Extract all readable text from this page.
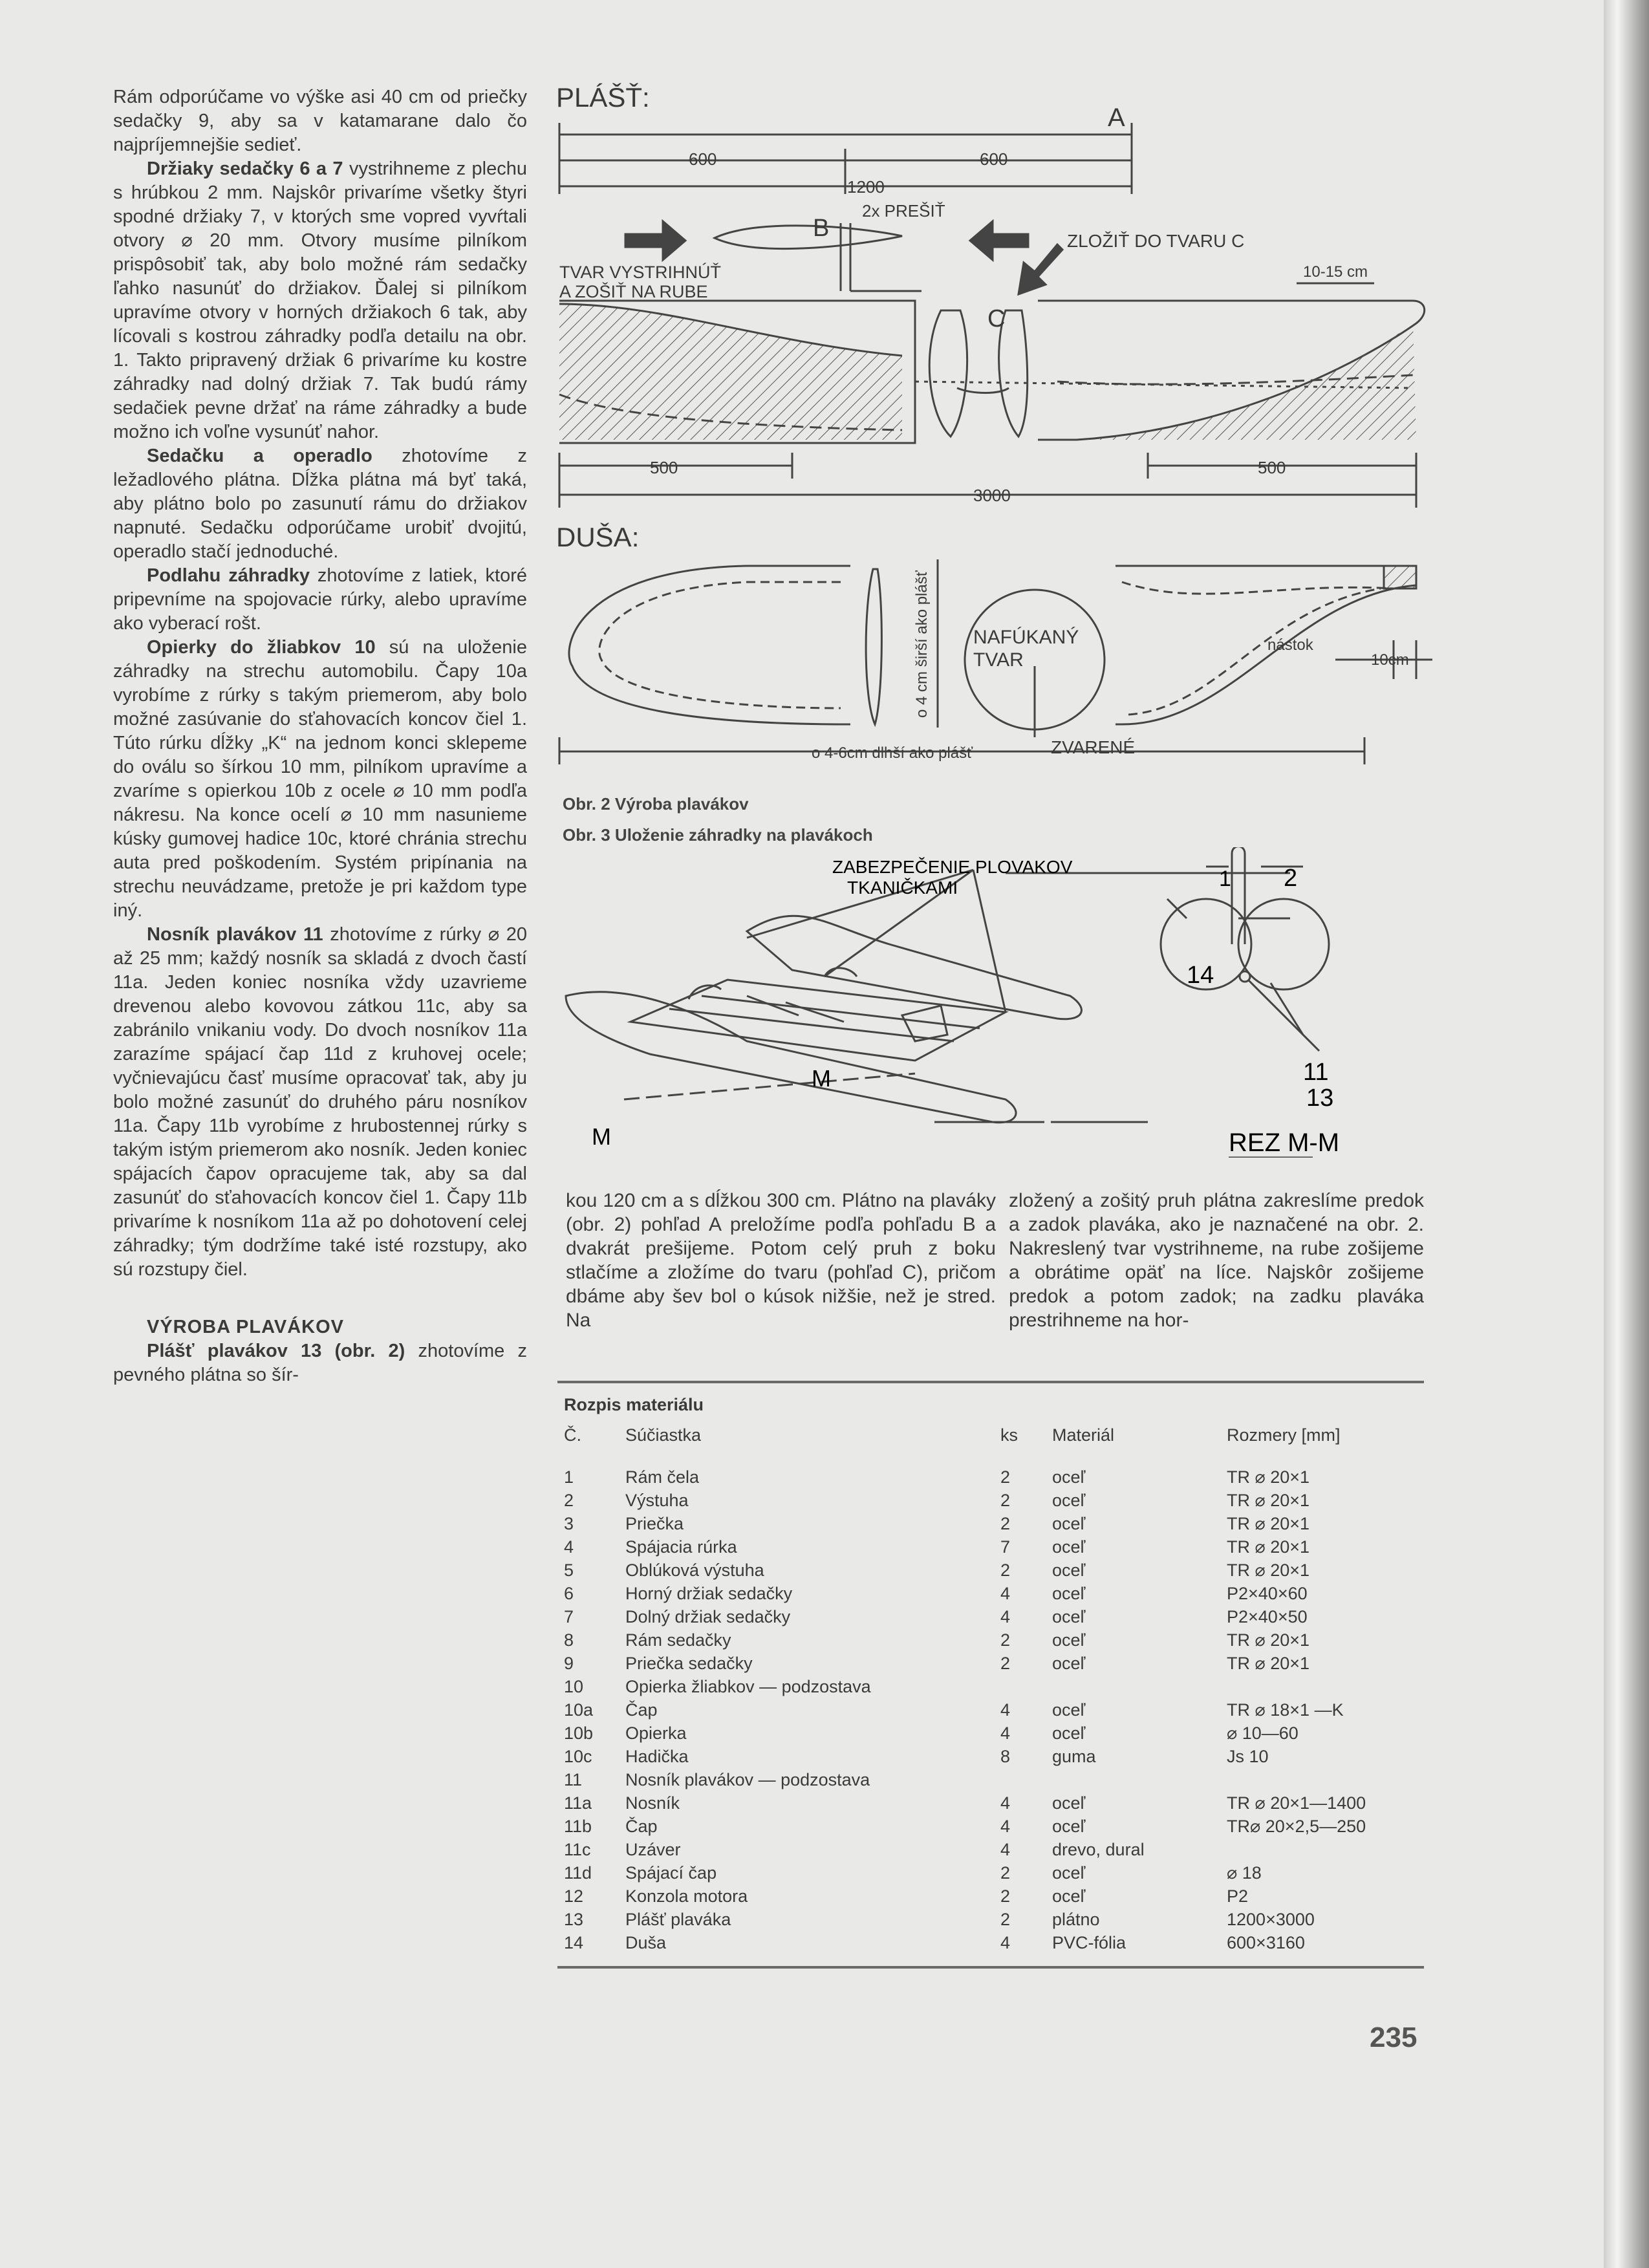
Rám odporúčame vo výške asi 40 cm od priečky sedačky 9, aby sa v katamarane dalo čo najpríjemnejšie sedieť.

Držiaky sedačky 6 a 7 vystrihneme z plechu s hrúbkou 2 mm. Najskôr privaríme všetky štyri spodné držiaky 7, v ktorých sme vopred vyvŕtali otvory ⌀ 20 mm. Otvory musíme pilníkom prispôsobiť tak, aby bolo možné rám sedačky ľahko nasunúť do držiakov. Ďalej si pilníkom upravíme otvory v horných držiakoch 6 tak, aby lícovali s kostrou záhradky podľa detailu na obr. 1. Takto pripravený držiak 6 privaríme ku kostre záhradky nad dolný držiak 7. Tak budú rámy sedačiek pevne držať na ráme záhradky a bude možno ich voľne vysunúť nahor.

Sedačku a operadlo zhotovíme z ležadlového plátna. Dĺžka plátna má byť taká, aby plátno bolo po zasunutí rámu do držiakov napnuté. Sedačku odporúčame urobiť dvojitú, operadlo stačí jednoduché.

Podlahu záhradky zhotovíme z latiek, ktoré pripevníme na spojovacie rúrky, alebo upravíme ako vyberací rošt.

Opierky do žliabkov 10 sú na uloženie záhradky na strechu automobilu. Čapy 10a vyrobíme z rúrky s takým priemerom, aby bolo možné zasúvanie do sťahovacích koncov čiel 1. Túto rúrku dĺžky „K“ na jednom konci sklepeme do oválu so šírkou 10 mm, pilníkom upravíme a zvaríme s opierkou 10b z ocele ⌀ 10 mm podľa nákresu. Na konce ocelí ⌀ 10 mm nasunieme kúsky gumovej hadice 10c, ktoré chránia strechu auta pred poškodením. Systém pripínania na strechu neuvádzame, pretože je pri každom type iný.

Nosník plavákov 11 zhotovíme z rúrky ⌀ 20 až 25 mm; každý nosník sa skladá z dvoch častí 11a. Jeden koniec nosníka vždy uzavrieme drevenou alebo kovovou zátkou 11c, aby sa zabránilo vnikaniu vody. Do dvoch nosníkov 11a zarazíme spájací čap 11d z kruhovej ocele; vyčnievajúcu časť musíme opracovať tak, aby ju bolo možné zasunúť do druhého páru nosníkov 11a. Čapy 11b vyrobíme z hrubostennej rúrky s takým istým priemerom ako nosník. Jeden koniec spájacích čapov opracujeme tak, aby sa dal zasunúť do sťahovacích koncov čiel 1. Čapy 11b privaríme k nosníkom 11a až po dohotovení celej záhradky; tým dodržíme také isté rozstupy, ako sú rozstupy čiel.

VÝROBA PLAVÁKOV

Plášť plavákov 13 (obr. 2) zhotovíme z pevného plátna so šír-

PLÁŠŤ:
A
600	600
1200
B
2x PREŠIŤ
ZLOŽIŤ DO TVARU C
10-15 cm
TVAR VYSTRIHNÚŤ
A ZOŠIŤ NA RUBE
C
500	500
3000
DUŠA:
o 4 cm širší ako plášť NAFÚKANÝ
TVAR
nástok
10cm
ZVARENÉ
o 4-6cm dlhší ako plášť
Obr. 2 Výroba plavákov
Obr. 3 Uloženie záhradky na plavákoch
ZABEZPEČENIE PLOVAKOV
TKANIČKAMI
M
M
1 2
14
11
13
REZ M-M
kou 120 cm a s dĺžkou 300 cm. Plátno na plaváky (obr. 2) pohľad A preložíme podľa pohľadu B a dvakrát prešijeme. Potom celý pruh z boku stlačíme a zložíme do tvaru (pohľad C), pričom dbáme aby šev bol o kúsok nižšie, než je stred. Na
zložený a zošitý pruh plátna zakreslíme predok a zadok plaváka, ako je naznačené na obr. 2. Nakreslený tvar vystrihneme, na rube zošijeme a obrátime opäť na líce. Najskôr zošijeme predok a potom zadok; na zadku plaváka prestrihneme na hor-
Rozpis materiálu
Č.	Súčiastka	ks	Materiál	Rozmery [mm]
1	Rám čela	2	oceľ	TR ⌀ 20×1
2	Výstuha	2	oceľ	TR ⌀ 20×1
3	Priečka	2	oceľ	TR ⌀ 20×1
4	Spájacia rúrka	7	oceľ	TR ⌀ 20×1
5	Oblúková výstuha	2	oceľ	TR ⌀ 20×1
6	Horný držiak sedačky	4	oceľ	P2×40×60
7	Dolný držiak sedačky	4	oceľ	P2×40×50
8	Rám sedačky	2	oceľ	TR ⌀ 20×1
9	Priečka sedačky	2	oceľ	TR ⌀ 20×1
10	Opierka žliabkov — podzostava			
10a	Čap	4	oceľ	TR ⌀ 18×1 —K
10b	Opierka	4	oceľ	⌀ 10—60
10c	Hadička	8	guma	Js 10
11	Nosník plavákov — podzostava			
11a	Nosník	4	oceľ	TR ⌀ 20×1—1400
11b	Čap	4	oceľ	TR⌀ 20×2,5—250
11c	Uzáver	4	drevo, dural	
11d	Spájací čap	2	oceľ	⌀ 18
12	Konzola motora	2	oceľ	P2
13	Plášť plaváka	2	plátno	1200×3000
14	Duša	4	PVC-fólia	600×3160
235
